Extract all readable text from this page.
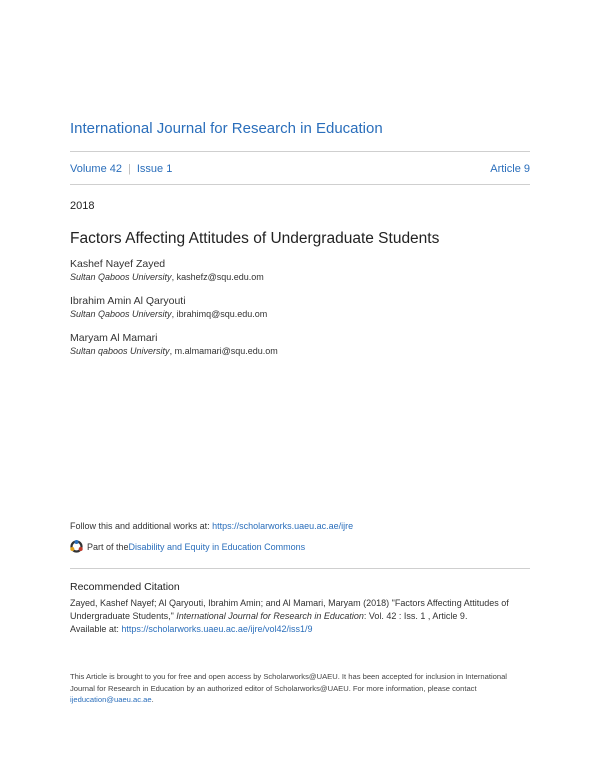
International Journal for Research in Education
Volume 42 | Issue 1	Article 9
2018
Factors Affecting Attitudes of Undergraduate Students
Kashef Nayef Zayed
Sultan Qaboos University, kashefz@squ.edu.om
Ibrahim Amin Al Qaryouti
Sultan Qaboos University, ibrahimq@squ.edu.om
Maryam Al Mamari
Sultan qaboos University, m.almamari@squ.edu.om
Follow this and additional works at: https://scholarworks.uaeu.ac.ae/ijre
Part of the Disability and Equity in Education Commons
Recommended Citation
Zayed, Kashef Nayef; Al Qaryouti, Ibrahim Amin; and Al Mamari, Maryam (2018) "Factors Affecting Attitudes of Undergraduate Students," International Journal for Research in Education: Vol. 42 : Iss. 1 , Article 9.
Available at: https://scholarworks.uaeu.ac.ae/ijre/vol42/iss1/9
This Article is brought to you for free and open access by Scholarworks@UAEU. It has been accepted for inclusion in International Journal for Research in Education by an authorized editor of Scholarworks@UAEU. For more information, please contact ijeducation@uaeu.ac.ae.
